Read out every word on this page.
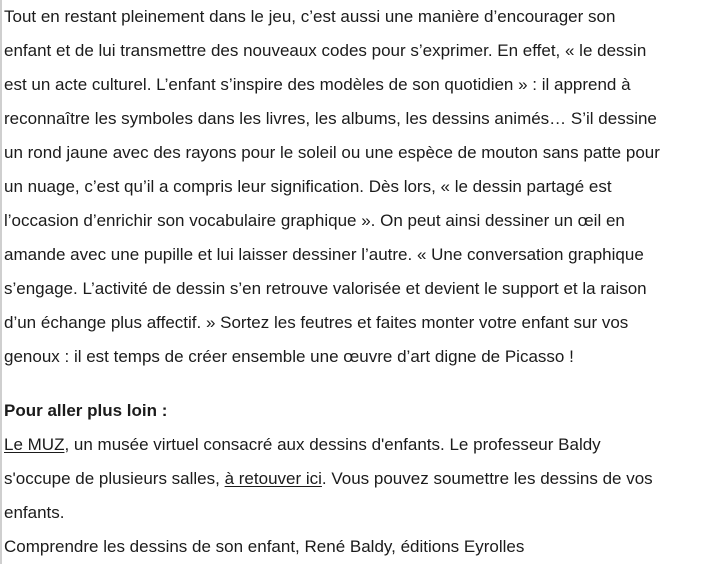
Tout en restant pleinement dans le jeu, c’est aussi une manière d’encourager son
enfant et de lui transmettre des nouveaux codes pour s’exprimer. En effet, « le dessin
est un acte culturel. L’enfant s’inspire des modèles de son quotidien » : il apprend à
reconnaître les symboles dans les livres, les albums, les dessins animés… S’il dessine
un rond jaune avec des rayons pour le soleil ou une espèce de mouton sans patte pour
un nuage, c’est qu’il a compris leur signification. Dès lors, « le dessin partagé est
l’occasion d’enrichir son vocabulaire graphique ». On peut ainsi dessiner un œil en
amande avec une pupille et lui laisser dessiner l’autre. « Une conversation graphique
s’engage. L’activité de dessin s’en retrouve valorisée et devient le support et la raison
d’un échange plus affectif. » Sortez les feutres et faites monter votre enfant sur vos
genoux : il est temps de créer ensemble une œuvre d’art digne de Picasso !

Pour aller plus loin :

Le MUZ, un musée virtuel consacré aux dessins d'enfants. Le professeur Baldy
s'occupe de plusieurs salles, à retouver ici. Vous pouvez soumettre les dessins de vos
enfants.

Comprendre les dessins de son enfant, René Baldy, éditions Eyrolles
